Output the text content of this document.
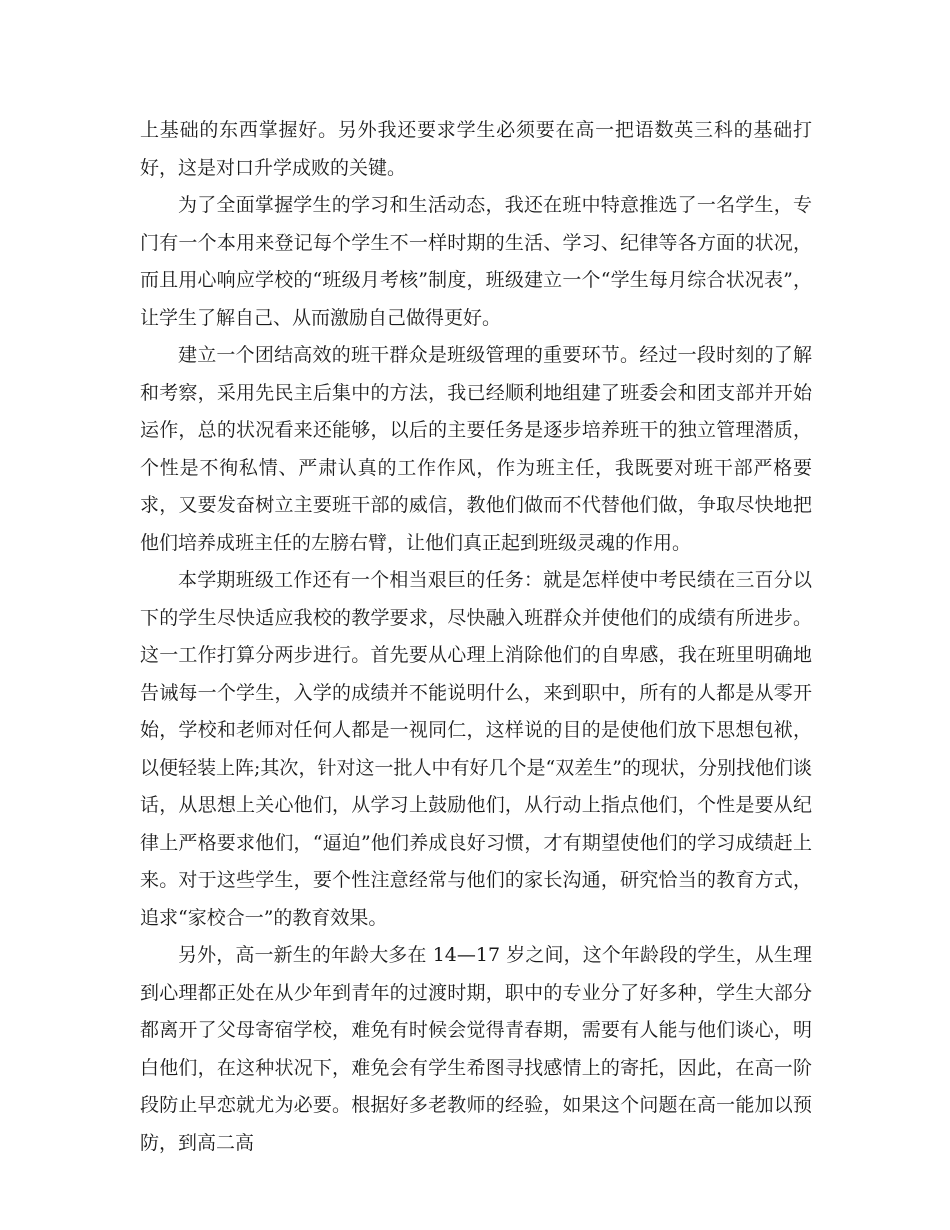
上基础的东西掌握好。另外我还要求学生必须要在高一把语数英三科的基础打好，这是对口升学成败的关键。

为了全面掌握学生的学习和生活动态，我还在班中特意推选了一名学生，专门有一个本用来登记每个学生不一样时期的生活、学习、纪律等各方面的状况，而且用心响应学校的“班级月考核”制度，班级建立一个“学生每月综合状况表”，让学生了解自己、从而激励自己做得更好。

建立一个团结高效的班干群众是班级管理的重要环节。经过一段时刻的了解和考察，采用先民主后集中的方法，我已经顺利地组建了班委会和团支部并开始运作，总的状况看来还能够，以后的主要任务是逐步培养班干的独立管理潜质，个性是不徇私情、严肃认真的工作作风，作为班主任，我既要对班干部严格要求，又要发奋树立主要班干部的威信，教他们做而不代替他们做，争取尽快地把他们培养成班主任的左膀右臂，让他们真正起到班级灵魂的作用。

本学期班级工作还有一个相当艰巨的任务：就是怎样使中考民绩在三百分以下的学生尽快适应我校的教学要求，尽快融入班群众并使他们的成绩有所进步。这一工作打算分两步进行。首先要从心理上消除他们的自卑感，我在班里明确地告诫每一个学生，入学的成绩并不能说明什么，来到职中，所有的人都是从零开始，学校和老师对任何人都是一视同仁，这样说的目的是使他们放下思想包袱，以便轻装上阵;其次，针对这一批人中有好几个是“双差生”的现状，分别找他们谈话，从思想上关心他们，从学习上鼓励他们，从行动上指点他们，个性是要从纪律上严格要求他们，“逼迫”他们养成良好习惯，才有期望使他们的学习成绩赶上来。对于这些学生，要个性注意经常与他们的家长沟通，研究恰当的教育方式，追求“家校合一”的教育效果。

另外，高一新生的年龄大多在 14—17 岁之间，这个年龄段的学生，从生理到心理都正处在从少年到青年的过渡时期，职中的专业分了好多种，学生大部分都离开了父母寄宿学校，难免有时候会觉得青春期，需要有人能与他们谈心，明白他们，在这种状况下，难免会有学生希图寻找感情上的寄托，因此，在高一阶段防止早恋就尤为必要。根据好多老教师的经验，如果这个问题在高一能加以预防，到高二高
